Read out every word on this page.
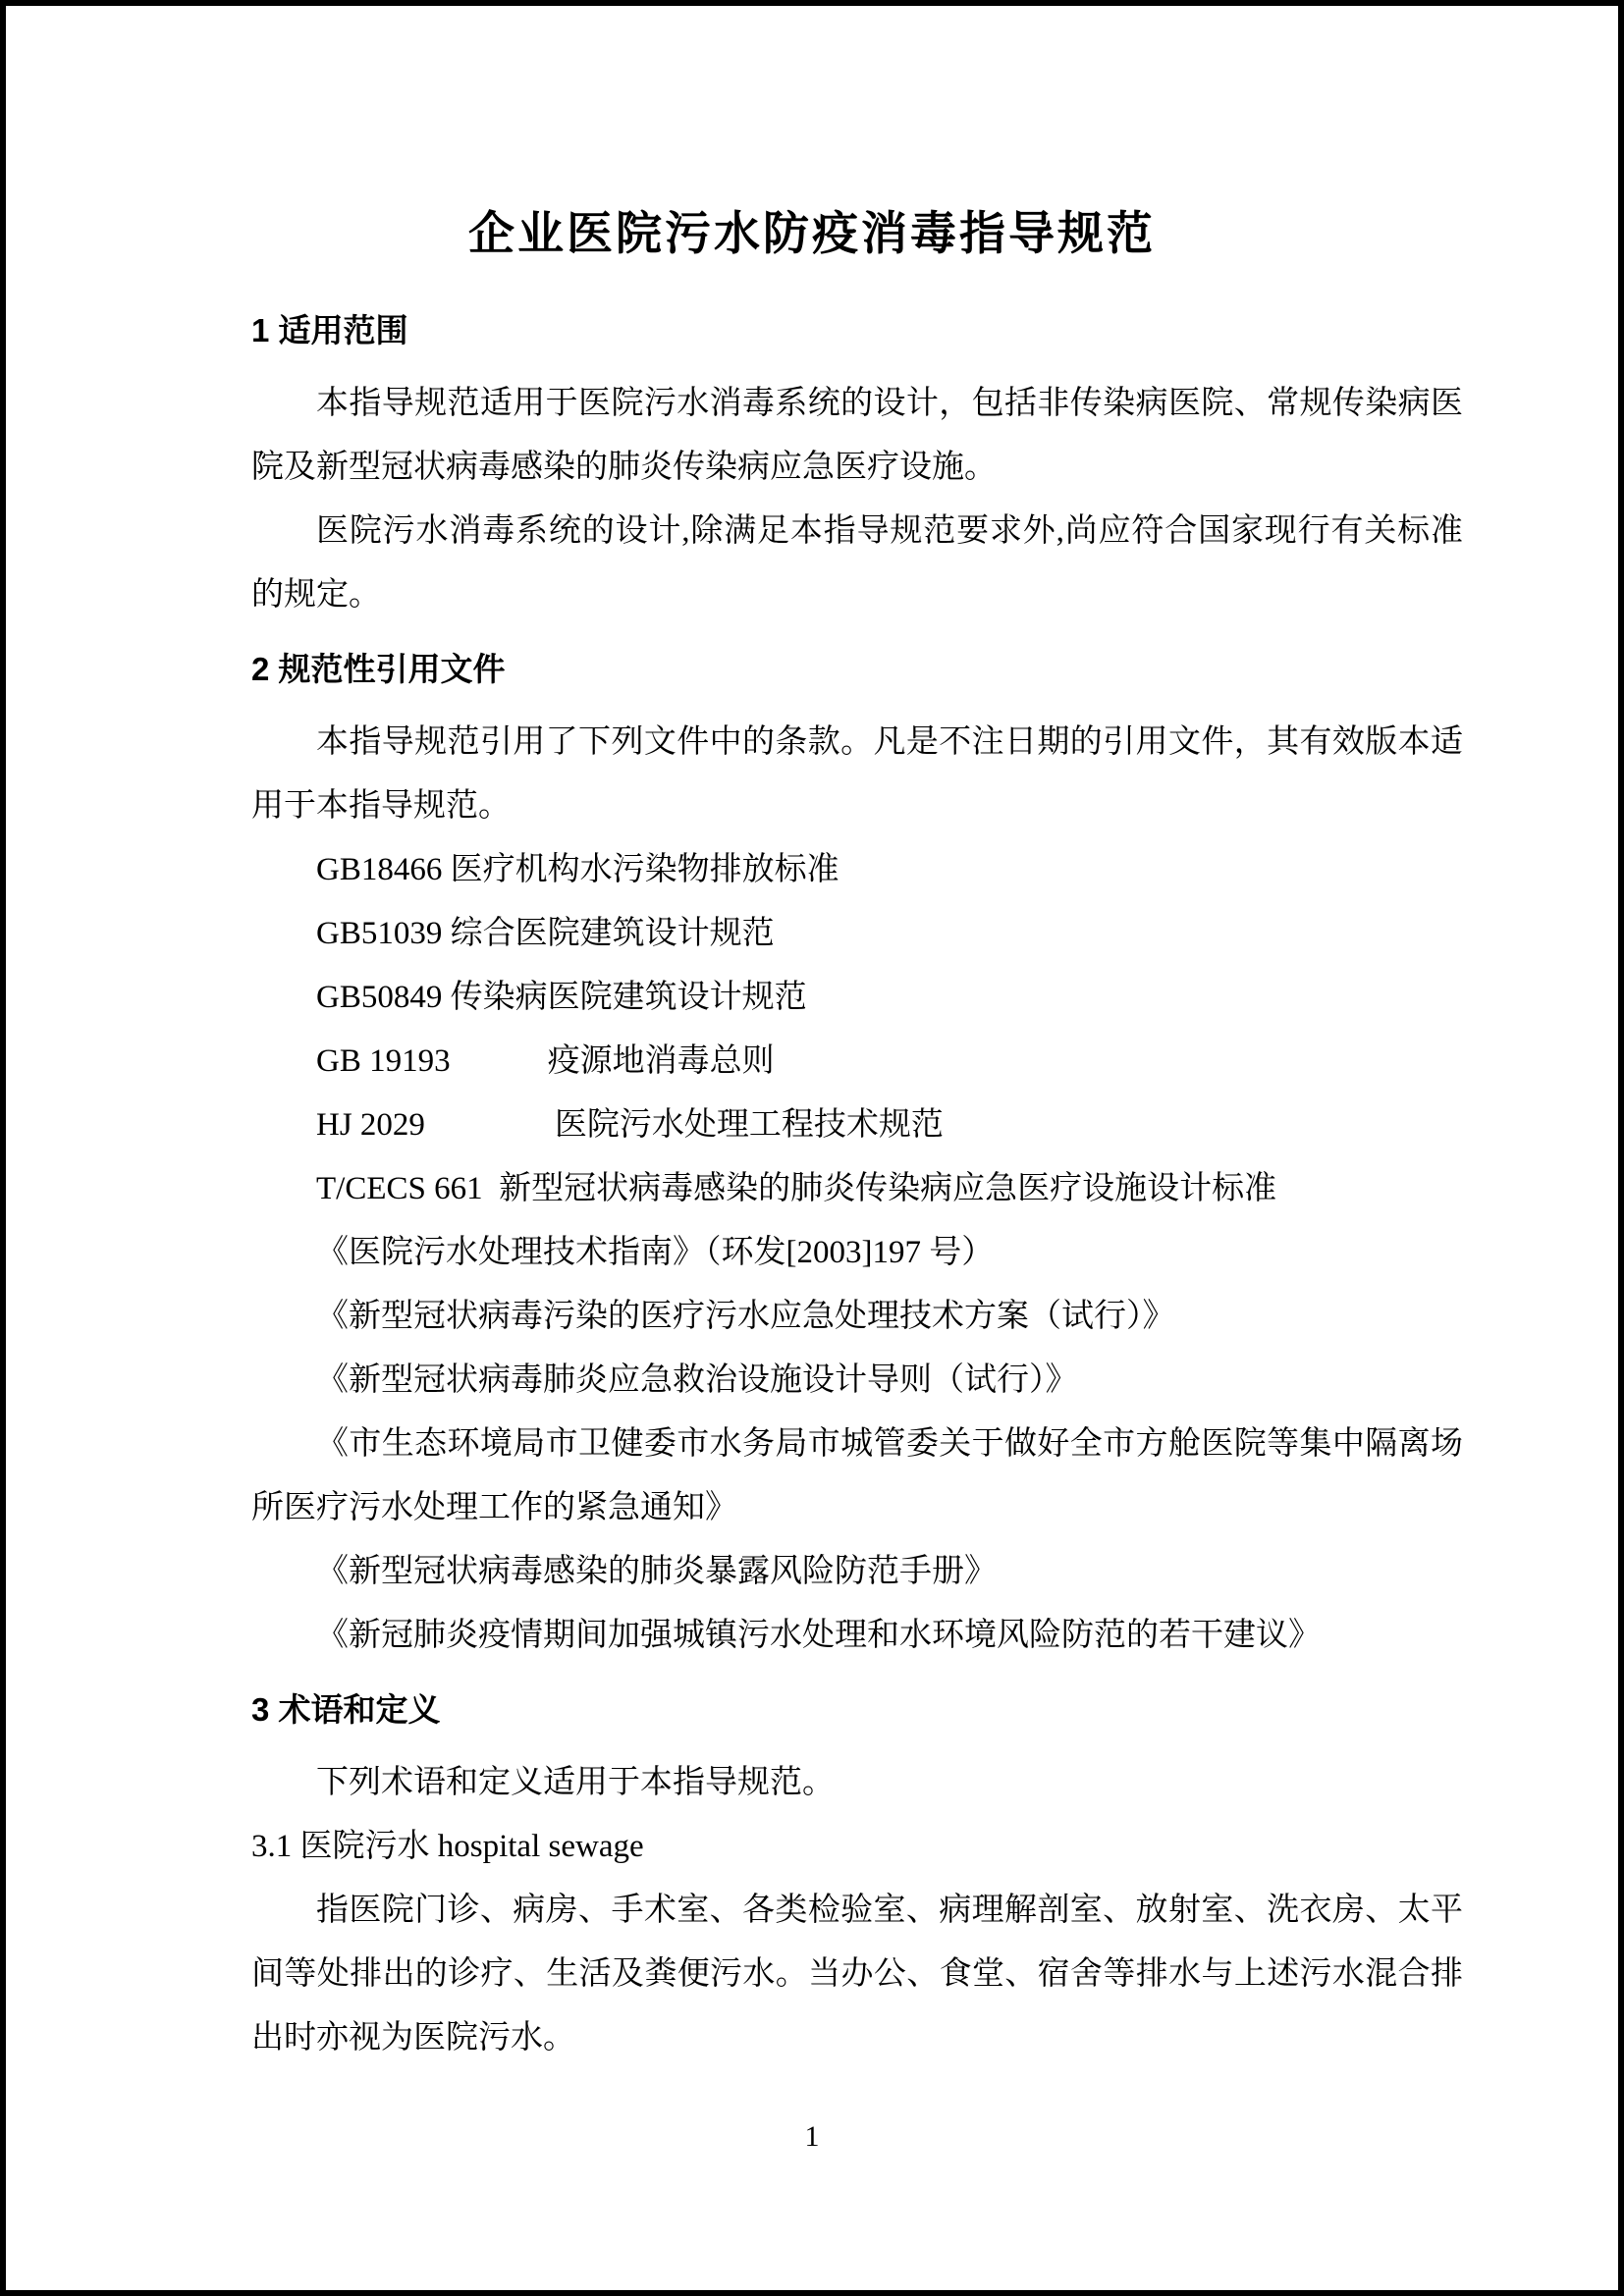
企业医院污水防疫消毒指导规范
1 适用范围

本指导规范适用于医院污水消毒系统的设计，包括非传染病医院、常规传染病医院及新型冠状病毒感染的肺炎传染病应急医疗设施。

医院污水消毒系统的设计,除满足本指导规范要求外,尚应符合国家现行有关标准的规定。

2 规范性引用文件

本指导规范引用了下列文件中的条款。凡是不注日期的引用文件，其有效版本适用于本指导规范。

GB18466 医疗机构水污染物排放标准

GB51039 综合医院建筑设计规范

GB50849 传染病医院建筑设计规范

GB 19193　　　疫源地消毒总则

HJ 2029　　　　医院污水处理工程技术规范

T/CECS 661  新型冠状病毒感染的肺炎传染病应急医疗设施设计标准

《医院污水处理技术指南》（环发[2003]197 号）

《新型冠状病毒污染的医疗污水应急处理技术方案（试行）》

《新型冠状病毒肺炎应急救治设施设计导则（试行）》

《市生态环境局市卫健委市水务局市城管委关于做好全市方舱医院等集中隔离场所医疗污水处理工作的紧急通知》

《新型冠状病毒感染的肺炎暴露风险防范手册》

《新冠肺炎疫情期间加强城镇污水处理和水环境风险防范的若干建议》

3 术语和定义

下列术语和定义适用于本指导规范。

3.1 医院污水 hospital sewage

指医院门诊、病房、手术室、各类检验室、病理解剖室、放射室、洗衣房、太平间等处排出的诊疗、生活及粪便污水。当办公、食堂、宿舍等排水与上述污水混合排出时亦视为医院污水。

1
